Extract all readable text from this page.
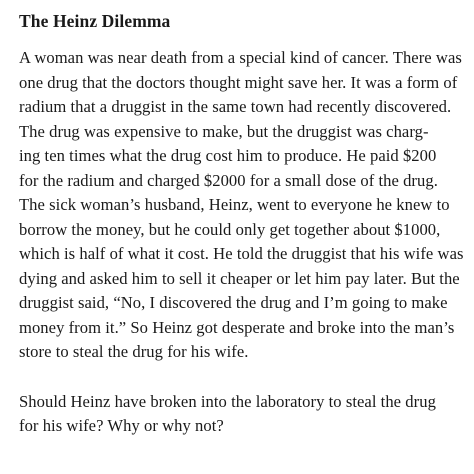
The Heinz Dilemma

A woman was near death from a special kind of cancer. There was
one drug that the doctors thought might save her. It was a form of
radium that a druggist in the same town had recently discovered.
The drug was expensive to make, but the druggist was charg-
ing ten times what the drug cost him to produce. He paid $200
for the radium and charged $2000 for a small dose of the drug.
The sick woman’s husband, Heinz, went to everyone he knew to
borrow the money, but he could only get together about $1000,
which is half of what it cost. He told the druggist that his wife was
dying and asked him to sell it cheaper or let him pay later. But the
druggist said, “No, I discovered the drug and I’m going to make
money from it.” So Heinz got desperate and broke into the man’s
store to steal the drug for his wife.

Should Heinz have broken into the laboratory to steal the drug
for his wife? Why or why not?
